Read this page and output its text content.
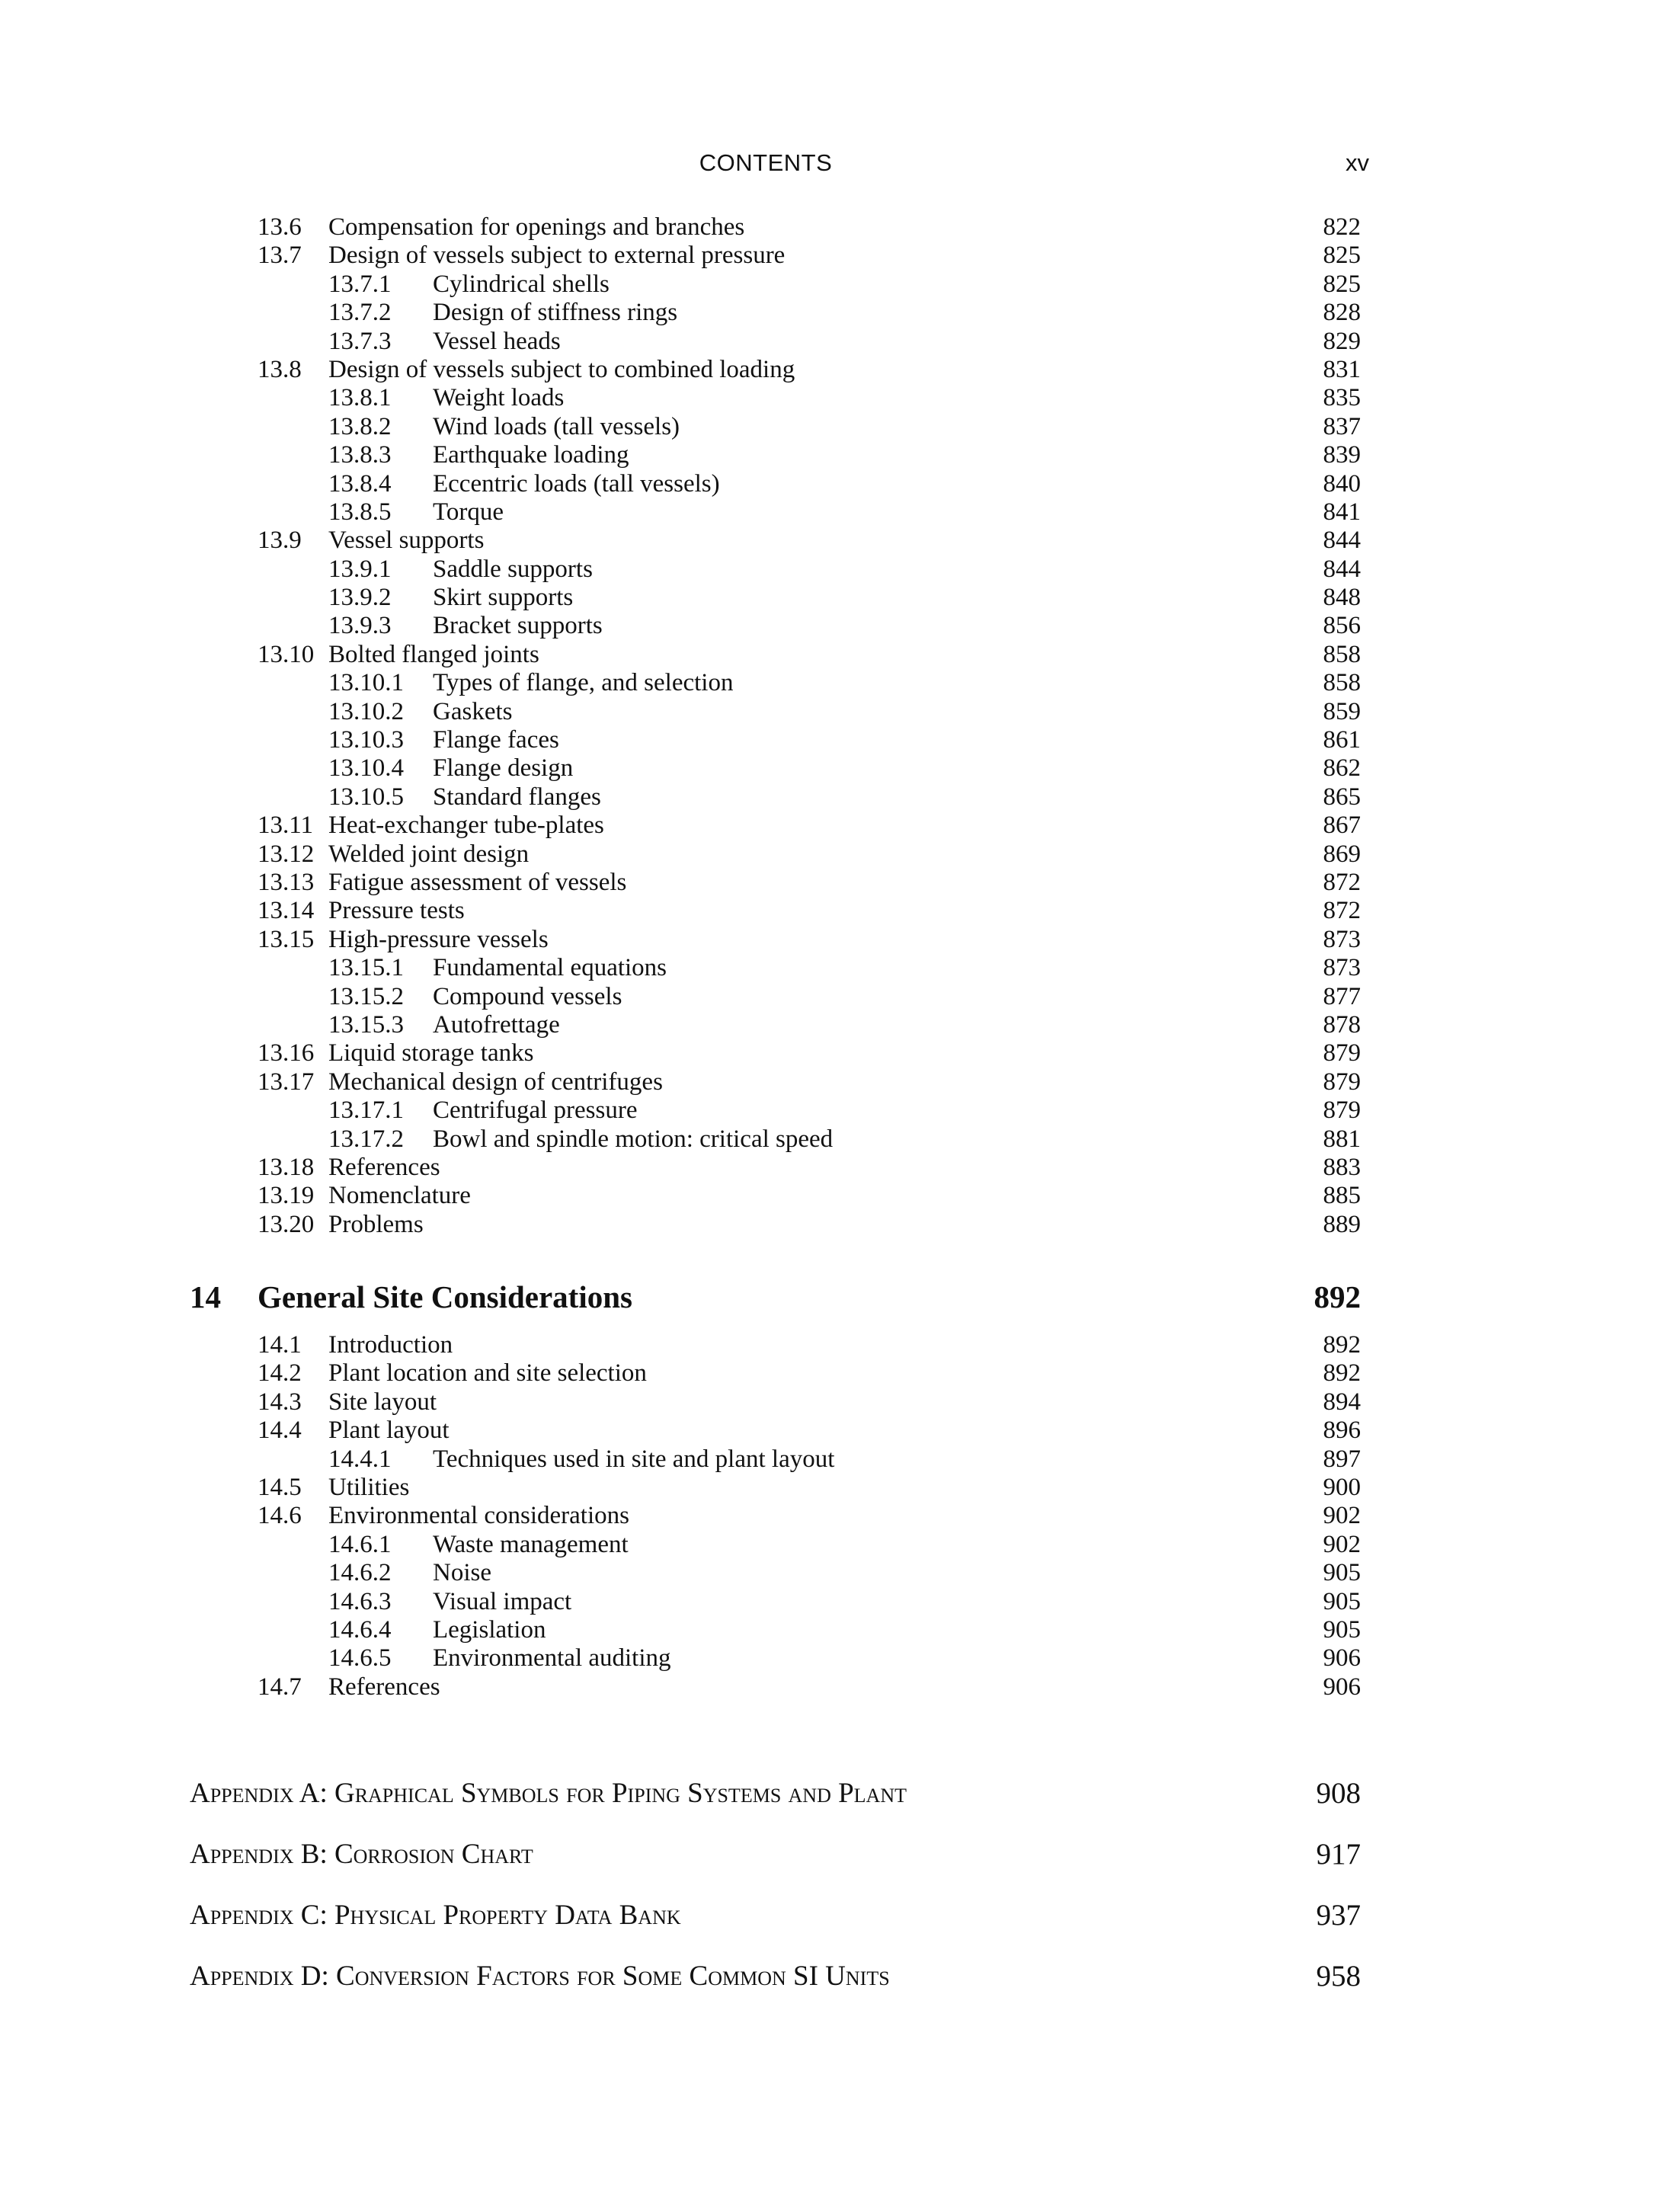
CONTENTS	xv
13.6 Compensation for openings and branches	822
13.7 Design of vessels subject to external pressure	825
13.7.1 Cylindrical shells	825
13.7.2 Design of stiffness rings	828
13.7.3 Vessel heads	829
13.8 Design of vessels subject to combined loading	831
13.8.1 Weight loads	835
13.8.2 Wind loads (tall vessels)	837
13.8.3 Earthquake loading	839
13.8.4 Eccentric loads (tall vessels)	840
13.8.5 Torque	841
13.9 Vessel supports	844
13.9.1 Saddle supports	844
13.9.2 Skirt supports	848
13.9.3 Bracket supports	856
13.10 Bolted flanged joints	858
13.10.1 Types of flange, and selection	858
13.10.2 Gaskets	859
13.10.3 Flange faces	861
13.10.4 Flange design	862
13.10.5 Standard flanges	865
13.11 Heat-exchanger tube-plates	867
13.12 Welded joint design	869
13.13 Fatigue assessment of vessels	872
13.14 Pressure tests	872
13.15 High-pressure vessels	873
13.15.1 Fundamental equations	873
13.15.2 Compound vessels	877
13.15.3 Autofrettage	878
13.16 Liquid storage tanks	879
13.17 Mechanical design of centrifuges	879
13.17.1 Centrifugal pressure	879
13.17.2 Bowl and spindle motion: critical speed	881
13.18 References	883
13.19 Nomenclature	885
13.20 Problems	889
14 General Site Considerations	892
14.1 Introduction	892
14.2 Plant location and site selection	892
14.3 Site layout	894
14.4 Plant layout	896
14.4.1 Techniques used in site and plant layout	897
14.5 Utilities	900
14.6 Environmental considerations	902
14.6.1 Waste management	902
14.6.2 Noise	905
14.6.3 Visual impact	905
14.6.4 Legislation	905
14.6.5 Environmental auditing	906
14.7 References	906
Appendix A: Graphical Symbols for Piping Systems and Plant	908
Appendix B: Corrosion Chart	917
Appendix C: Physical Property Data Bank	937
Appendix D: Conversion Factors for Some Common SI Units	958
